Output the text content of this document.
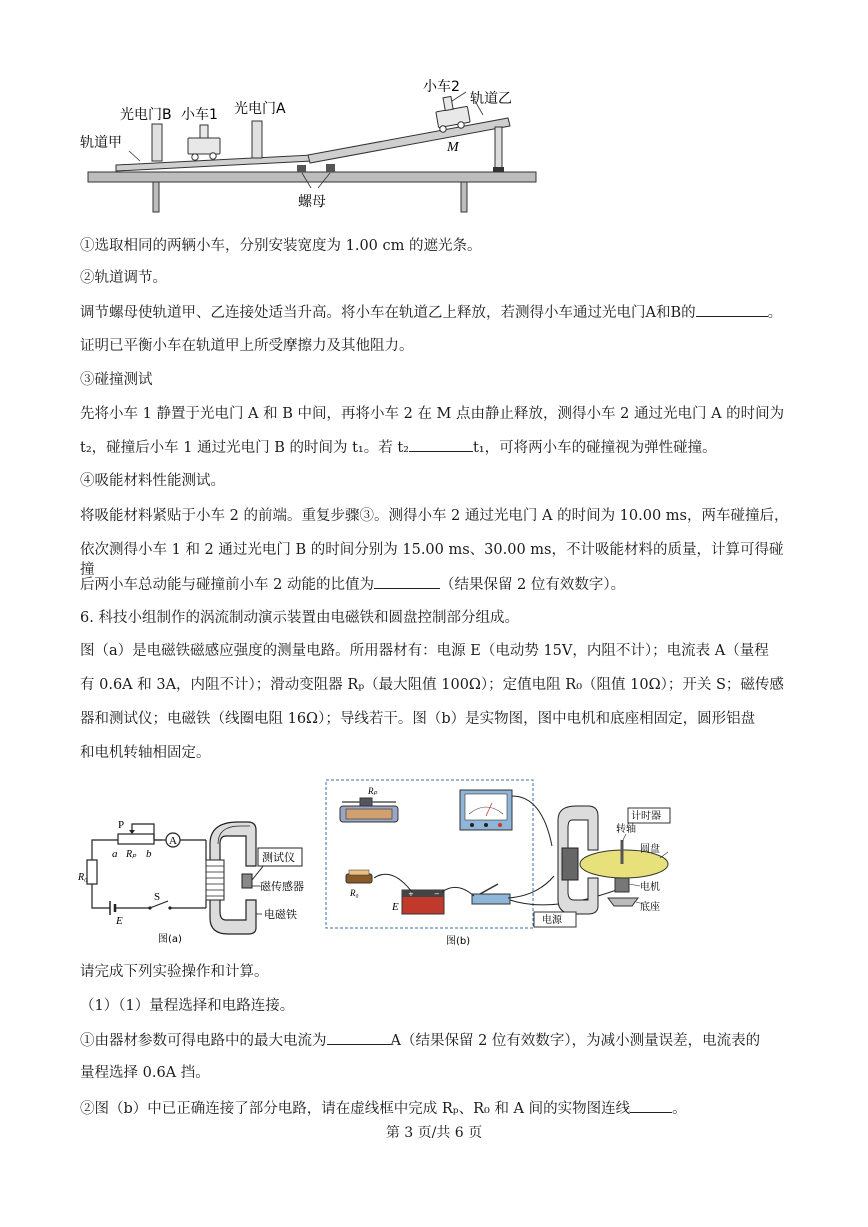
轨道甲
光电门B 小车1 光电门A
小车2
轨道乙
M
螺母

①选取相同的两辆小车，分别安装宽度为 1.00 cm 的遮光条。

②轨道调节。

调节螺母使轨道甲、乙连接处适当升高。将小车在轨道乙上释放，若测得小车通过光电门A和B的	。

证明已平衡小车在轨道甲上所受摩擦力及其他阻力。

③碰撞测试

先将小车 1 静置于光电门 A 和 B 中间，再将小车 2 在 M 点由静止释放，测得小车 2 通过光电门 A 的时间为

t₂，碰撞后小车 1 通过光电门 B 的时间为 t₁。若 t₂	t₁，可将两小车的碰撞视为弹性碰撞。

④吸能材料性能测试。

将吸能材料紧贴于小车 2 的前端。重复步骤③。测得小车 2 通过光电门 A 的时间为 10.00 ms，两车碰撞后，

依次测得小车 1 和 2 通过光电门 B 的时间分别为 15.00 ms、30.00 ms，不计吸能材料的质量，计算可得碰撞

后两小车总动能与碰撞前小车 2 动能的比值为	（结果保留 2 位有效数字）。

6. 科技小组制作的涡流制动演示装置由电磁铁和圆盘控制部分组成。

图（a）是电磁铁磁感应强度的测量电路。所用器材有：电源 E（电动势 15V，内阻不计）；电流表 A（量程

有 0.6A 和 3A，内阻不计）；滑动变阻器 Rₚ（最大阻值 100Ω）；定值电阻 R₀（阻值 10Ω）；开关 S；磁传感

器和测试仪；电磁铁（线圈电阻 16Ω）；导线若干。图（b）是实物图，图中电机和底座相固定，圆形铝盘

和电机转轴相固定。

P
a Rₚ b
A
R₀
E
S
测试仪
磁传感器
电磁铁
图(a)
+	−
Rₚ
R₀
E
计时器
转轴
圆盘
电机
底座
电源
图(b)

请完成下列实验操作和计算。

（1）（1）量程选择和电路连接。

①由器材参数可得电路中的最大电流为	A（结果保留 2 位有效数字），为减小测量误差，电流表的

量程选择 0.6A 挡。

②图（b）中已正确连接了部分电路，请在虚线框中完成 Rₚ、R₀ 和 A 间的实物图连线	。

第 3 页/共 6 页
